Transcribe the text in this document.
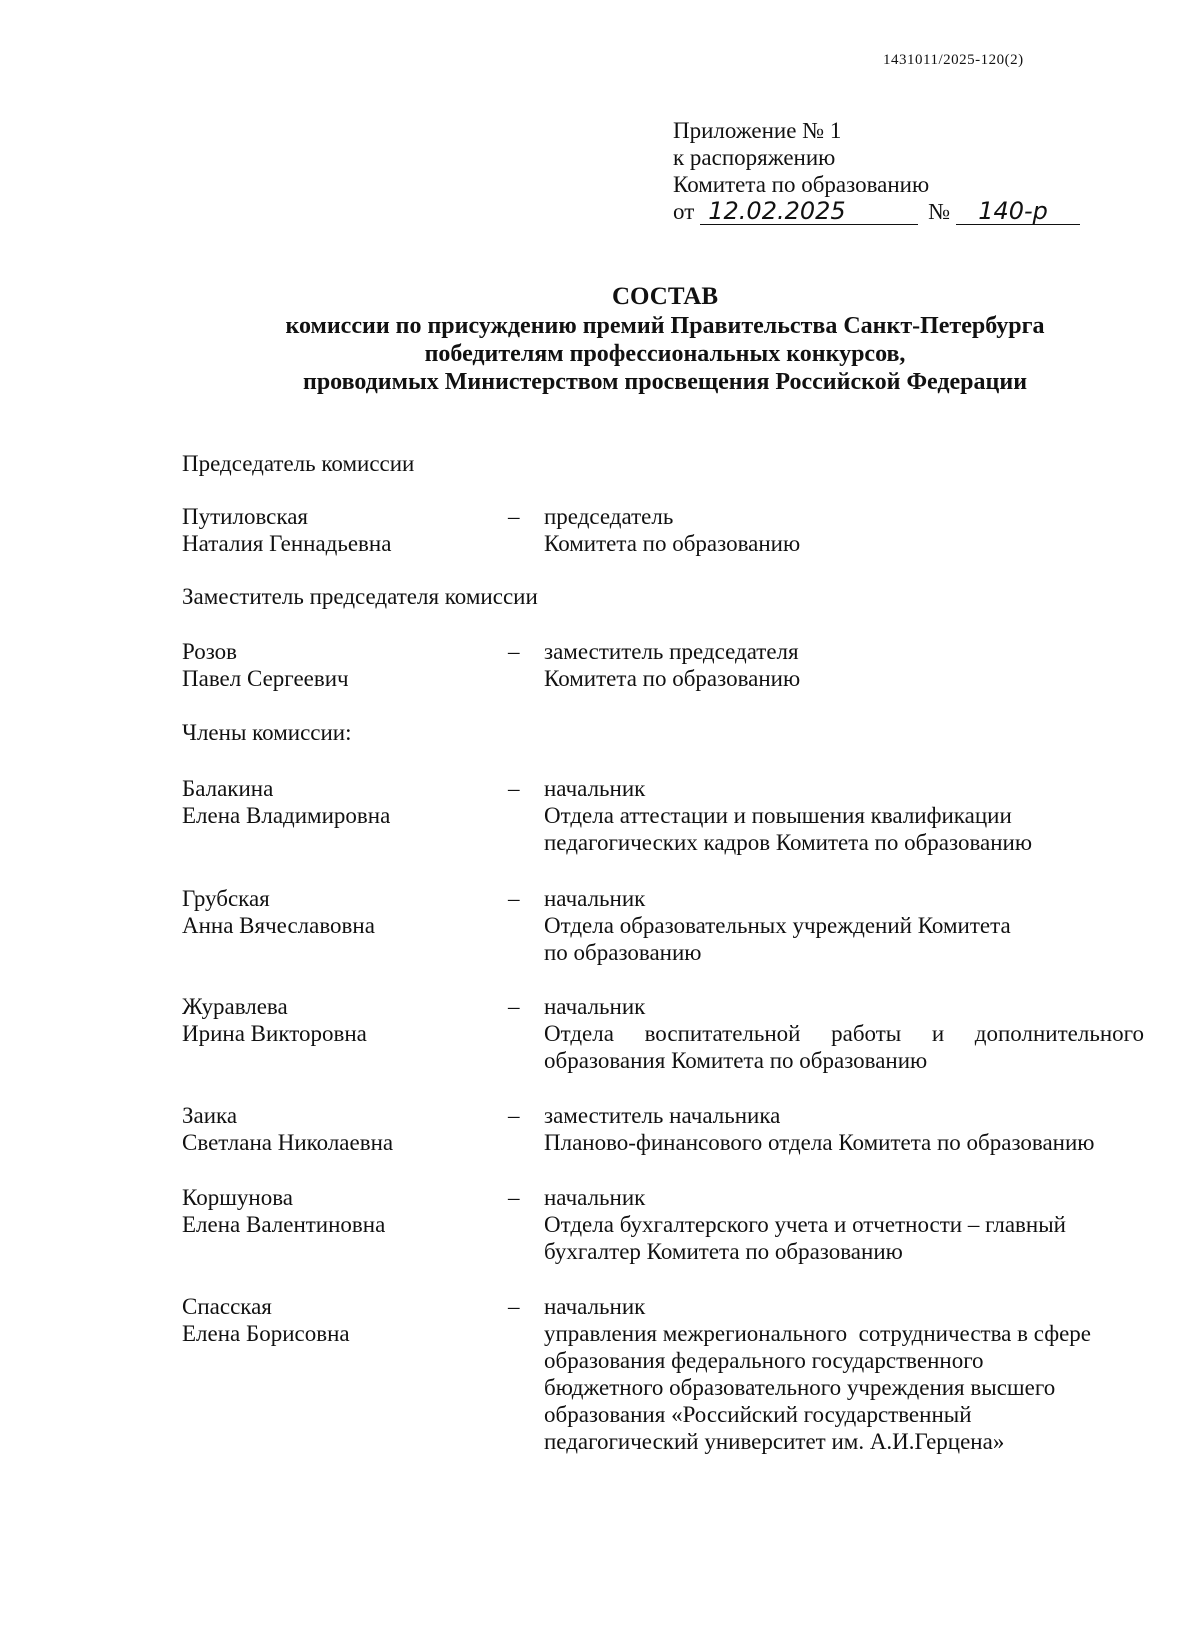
1431011/2025-120(2)
Приложение № 1
к распоряжению
Комитета по образованию
от 12.02.2025	№	140-р
СОСТАВ
комиссии по присуждению премий Правительства Санкт-Петербурга
победителям профессиональных конкурсов,
проводимых Министерством просвещения Российской Федерации
Председатель комиссии
Путиловская
Наталия Геннадьевна
– председатель
Комитета по образованию
Заместитель председателя комиссии
Розов
Павел Сергеевич
– заместитель председателя
Комитета по образованию
Члены комиссии:
Балакина
Елена Владимировна
– начальник
Отдела аттестации и повышения квалификации
педагогических кадров Комитета по образованию
Грубская
Анна Вячеславовна
– начальник
Отдела образовательных учреждений Комитета
по образованию
Журавлева
Ирина Викторовна
– начальник
Отдела воспитательной работы и дополнительного
образования Комитета по образованию
Заика
Светлана Николаевна
– заместитель начальника
Планово-финансового отдела Комитета по образованию
Коршунова
Елена Валентиновна
– начальник
Отдела бухгалтерского учета и отчетности – главный
бухгалтер Комитета по образованию
Спасская
Елена Борисовна
– начальник
управления межрегионального  сотрудничества в сфере
образования федерального государственного
бюджетного образовательного учреждения высшего
образования «Российский государственный
педагогический университет им. А.И.Герцена»
